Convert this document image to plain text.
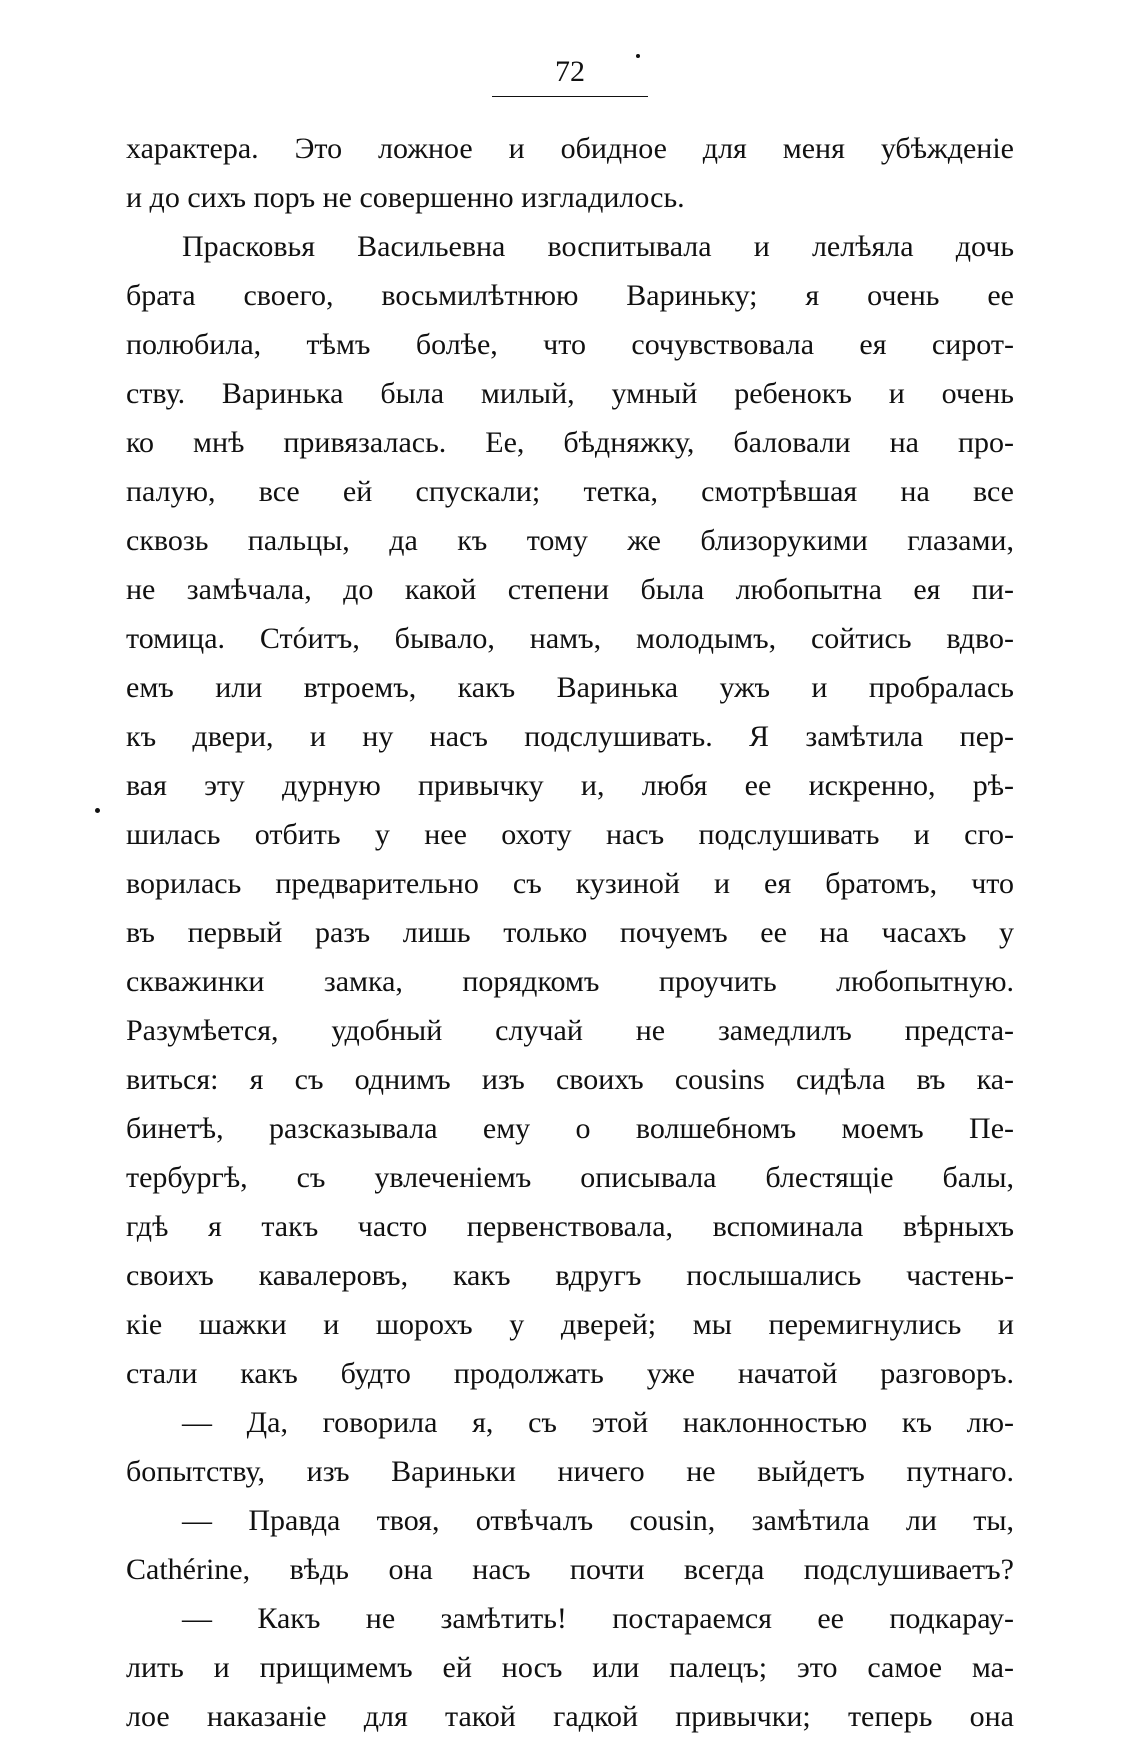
72
характера. Это ложное и обидное для меня убѣжденіе
и до сихъ поръ не совершенно изгладилось.
Прасковья Васильевна воспитывала и лелѣяла дочь
брата своего, восьмилѣтнюю Вариньку; я очень ее
полюбила, тѣмъ болѣе, что сочувствовала ея сирот-
ству. Варинька была милый, умный ребенокъ и очень
ко мнѣ привязалась. Ее, бѣдняжку, баловали на про-
палую, все ей спускали; тетка, смотрѣвшая на все
сквозь пальцы, да къ тому же близорукими глазами,
не замѣчала, до какой степени была любопытна ея пи-
томица. Стóитъ, бывало, намъ, молодымъ, сойтись вдво-
емъ или втроемъ, какъ Варинька ужъ и пробралась
къ двери, и ну насъ подслушивать. Я замѣтила пер-
вая эту дурную привычку и, любя ее искренно, рѣ-
шилась отбить у нее охоту насъ подслушивать и сго-
ворилась предварительно съ кузиной и ея братомъ, что
въ первый разъ лишь только почуемъ ее на часахъ у
скважинки замка, порядкомъ проучить любопытную.
Разумѣется, удобный случай не замедлилъ предста-
виться: я съ однимъ изъ своихъ cousins сидѣла въ ка-
бинетѣ, разсказывала ему о волшебномъ моемъ Пе-
тербургѣ, съ увлеченіемъ описывала блестящіе балы,
гдѣ я такъ часто первенствовала, вспоминала вѣрныхъ
своихъ кавалеровъ, какъ вдругъ послышались частень-
кіе шажки и шорохъ у дверей; мы перемигнулись и
стали какъ будто продолжать уже начатой разговоръ.
— Да, говорила я, съ этой наклонностью къ лю-
бопытству, изъ Вариньки ничего не выйдетъ путнаго.
— Правда твоя, отвѣчалъ cousin, замѣтила ли ты,
Cathérine, вѣдь она насъ почти всегда подслушиваетъ?
— Какъ не замѣтить! постараемся ее подкарау-
лить и прищимемъ ей носъ или палецъ; это самое ма-
лое наказаніе для такой гадкой привычки; теперь она
